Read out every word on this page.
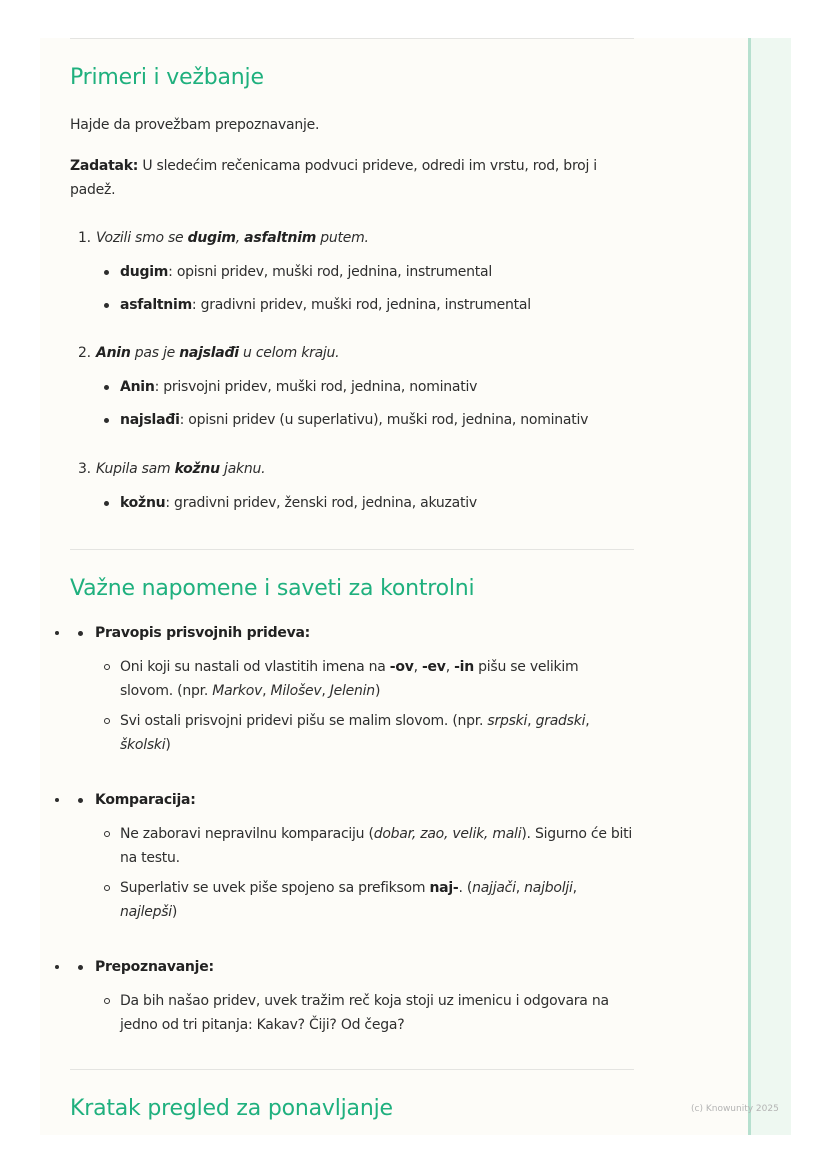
Primeri i vežbanje

Hajde da provežbam prepoznavanje.

Zadatak: U sledećim rečenicama podvuci prideve, odredi im vrstu, rod, broj i padež.

1. Vozili smo se dugim, asfaltnim putem.
dugim: opisni pridev, muški rod, jednina, instrumental
asfaltnim: gradivni pridev, muški rod, jednina, instrumental
2. Anin pas je najslađi u celom kraju.
Anin: prisvojni pridev, muški rod, jednina, nominativ
najslađi: opisni pridev (u superlativu), muški rod, jednina, nominativ
3. Kupila sam kožnu jaknu.
kožnu: gradivni pridev, ženski rod, jednina, akuzativ
Važne napomene i saveti za kontrolni
• Pravopis prisvojnih prideva:
Oni koji su nastali od vlastitih imena na -ov, -ev, -in pišu se velikim slovom. (npr. Markov, Milošev, Jelenin)
Svi ostali prisvojni pridevi pišu se malim slovom. (npr. srpski, gradski, školski)
• Komparacija:
Ne zaboravi nepravilnu komparaciju (dobar, zao, velik, mali). Sigurno će biti na testu.
Superlativ se uvek piše spojeno sa prefiksom naj-. (najjači, najbolji, najlepši)
• Prepoznavanje:
Da bih našao pridev, uvek tražim reč koja stoji uz imenicu i odgovara na jedno od tri pitanja: Kakav? Čiji? Od čega?
Kratak pregled za ponavljanje	(c) Knowunity 2025
